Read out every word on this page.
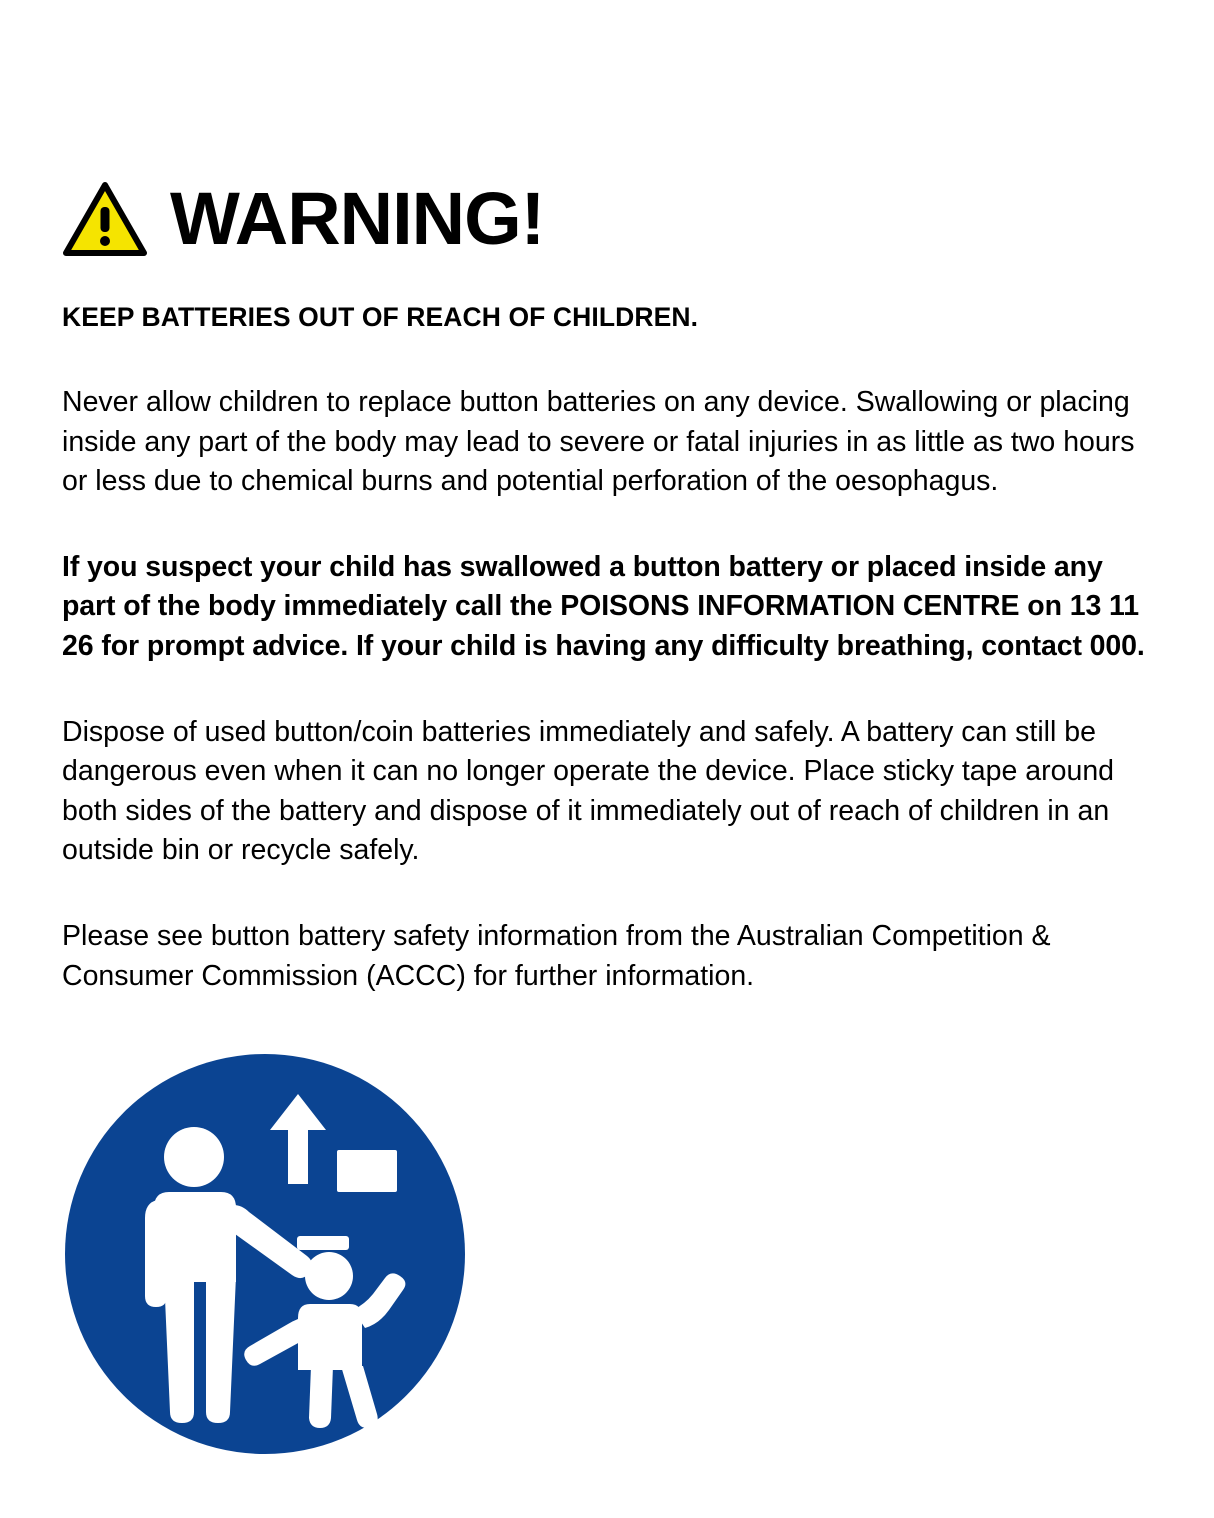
WARNING!
KEEP BATTERIES OUT OF REACH OF CHILDREN.

Never allow children to replace button batteries on any device. Swallowing or placing inside any part of the body may lead to severe or fatal injuries in as little as two hours or less due to chemical burns and potential perforation of the oesophagus.

If you suspect your child has swallowed a button battery or placed inside any part of the body immediately call the POISONS INFORMATION CENTRE on 13 11 26 for prompt advice. If your child is having any difficulty breathing, contact 000.

Dispose of used button/coin batteries immediately and safely. A battery can still be dangerous even when it can no longer operate the device. Place sticky tape around both sides of the battery and dispose of it immediately out of reach of children in an outside bin or recycle safely.

Please see button battery safety information from the Australian Competition & Consumer Commission (ACCC) for further information.
